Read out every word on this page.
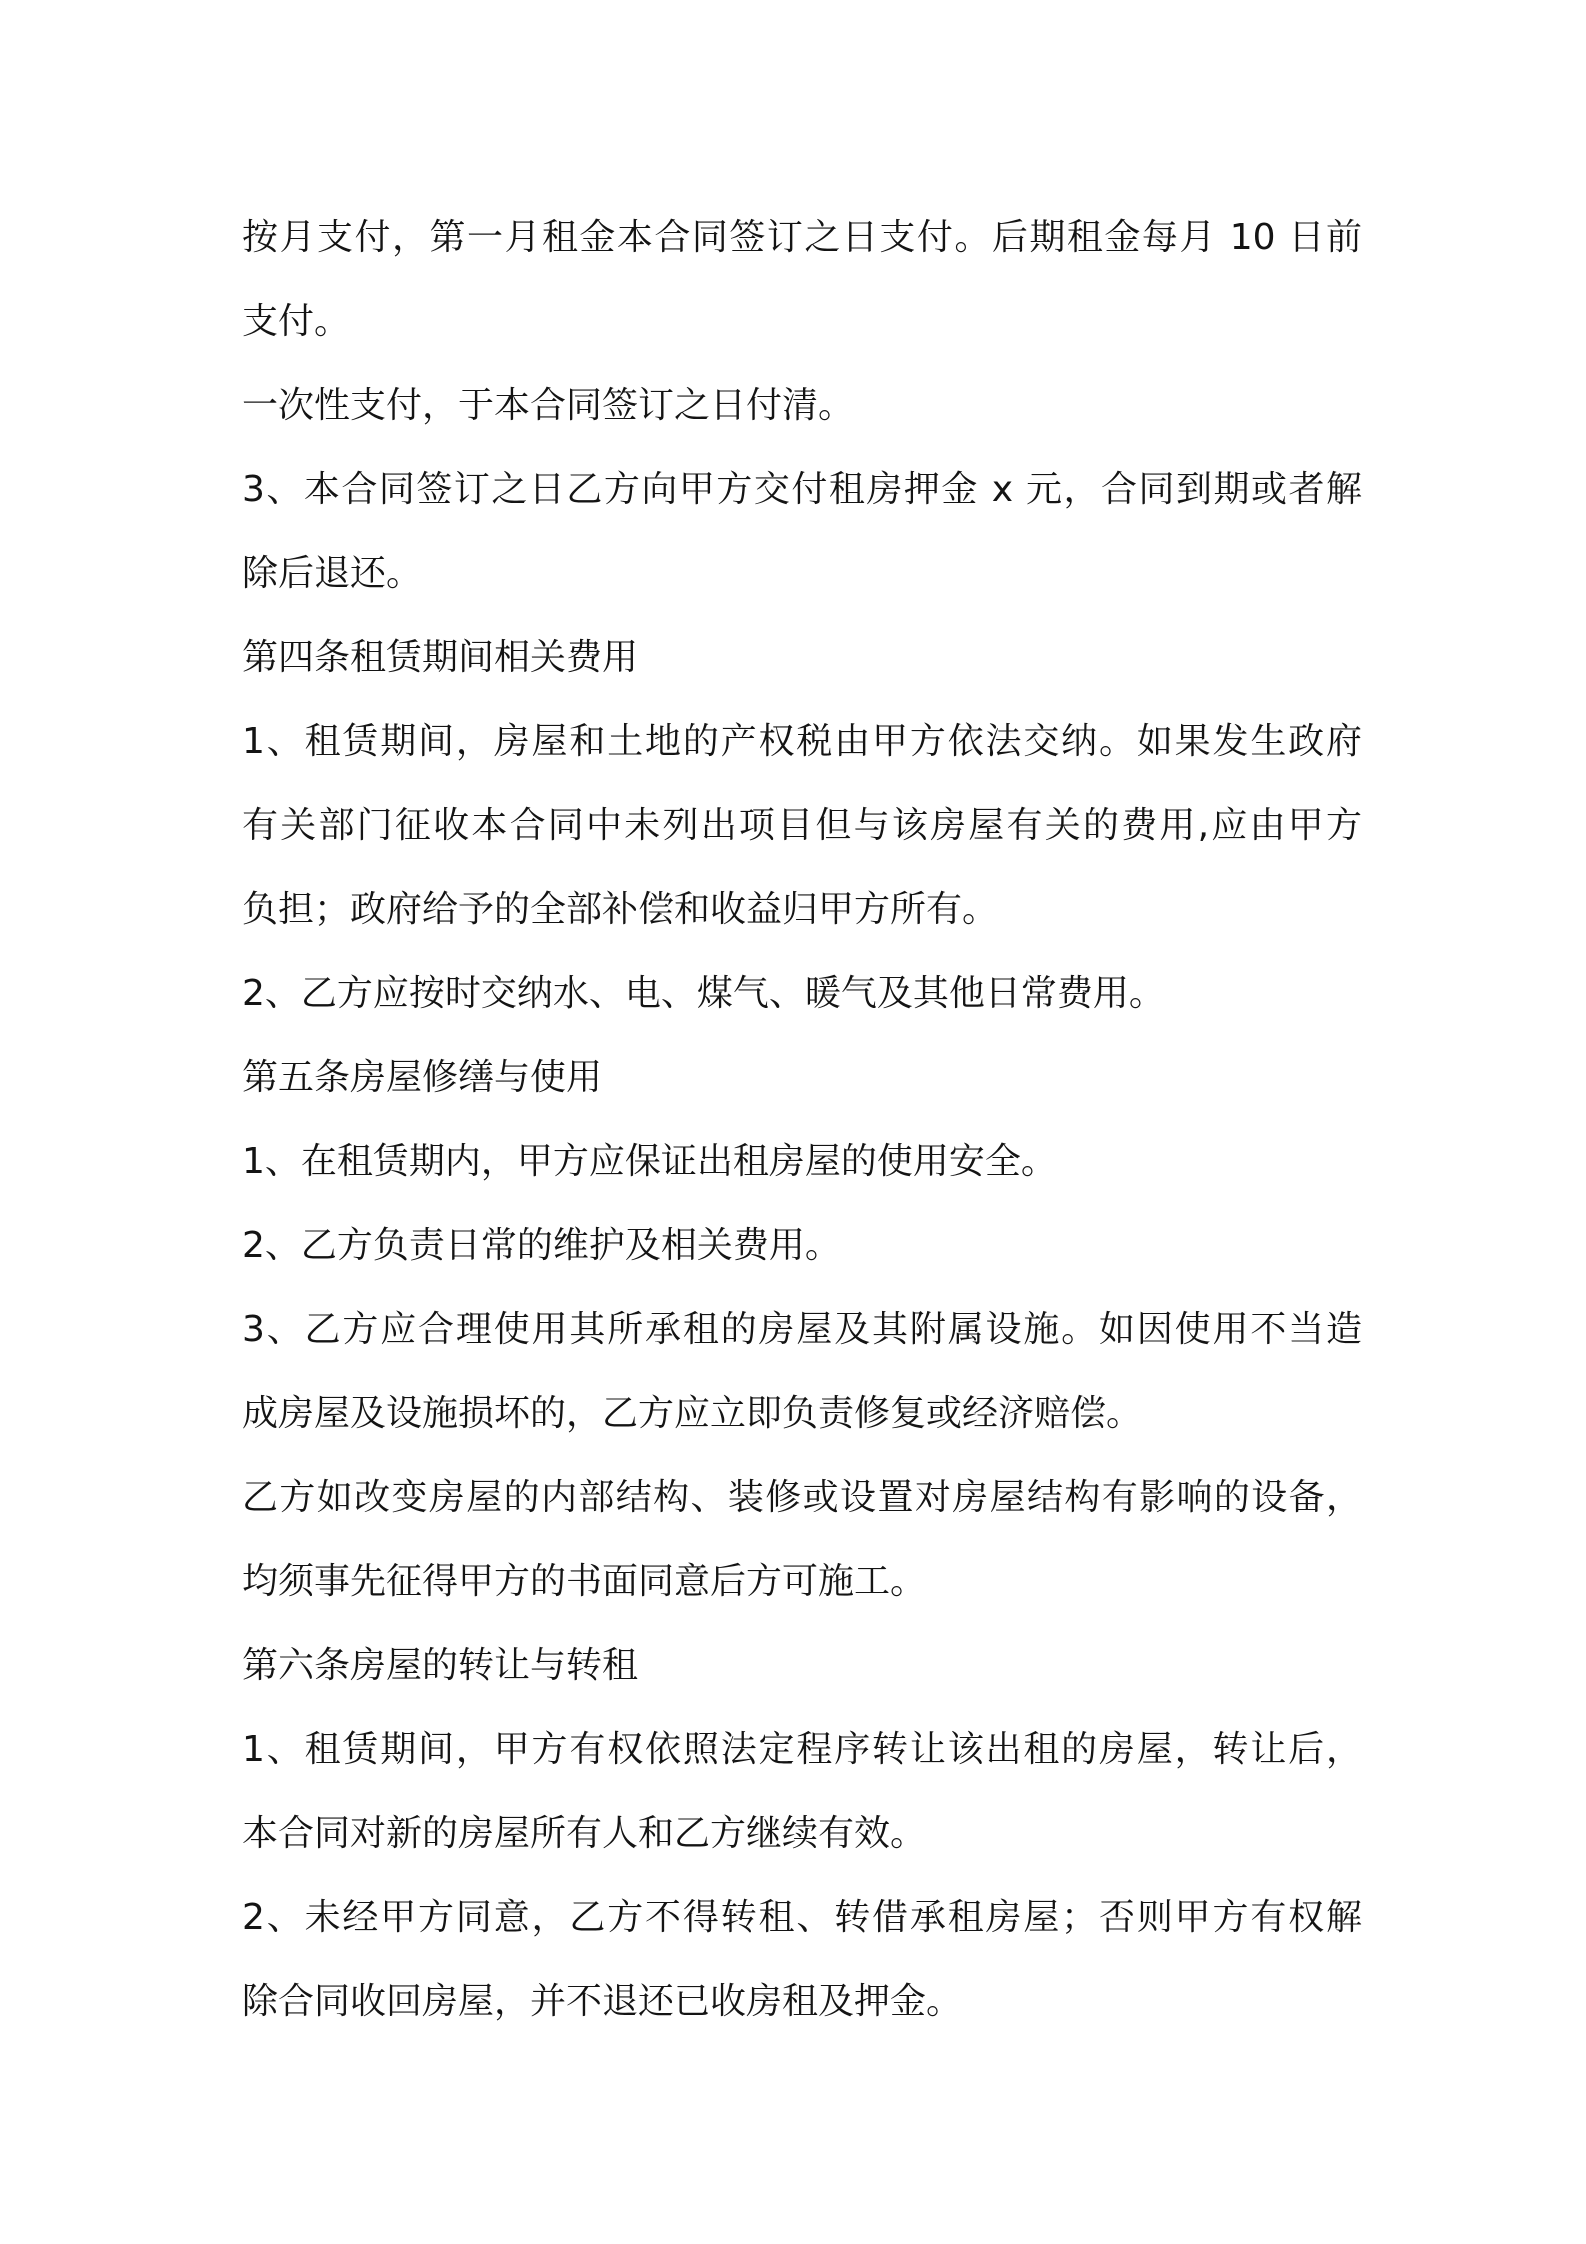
按月支付，第一月租金本合同签订之日支付。后期租金每月 10 日前
支付。
一次性支付，于本合同签订之日付清。
3、本合同签订之日乙方向甲方交付租房押金 x 元，合同到期或者解
除后退还。
第四条租赁期间相关费用
1、租赁期间，房屋和土地的产权税由甲方依法交纳。如果发生政府
有关部门征收本合同中未列出项目但与该房屋有关的费用,应由甲方
负担；政府给予的全部补偿和收益归甲方所有。
2、乙方应按时交纳水、电、煤气、暖气及其他日常费用。
第五条房屋修缮与使用
1、在租赁期内，甲方应保证出租房屋的使用安全。
2、乙方负责日常的维护及相关费用。
3、乙方应合理使用其所承租的房屋及其附属设施。如因使用不当造
成房屋及设施损坏的，乙方应立即负责修复或经济赔偿。
乙方如改变房屋的内部结构、装修或设置对房屋结构有影响的设备，
均须事先征得甲方的书面同意后方可施工。
第六条房屋的转让与转租
1、租赁期间，甲方有权依照法定程序转让该出租的房屋，转让后，
本合同对新的房屋所有人和乙方继续有效。
2、未经甲方同意，乙方不得转租、转借承租房屋；否则甲方有权解
除合同收回房屋，并不退还已收房租及押金。
